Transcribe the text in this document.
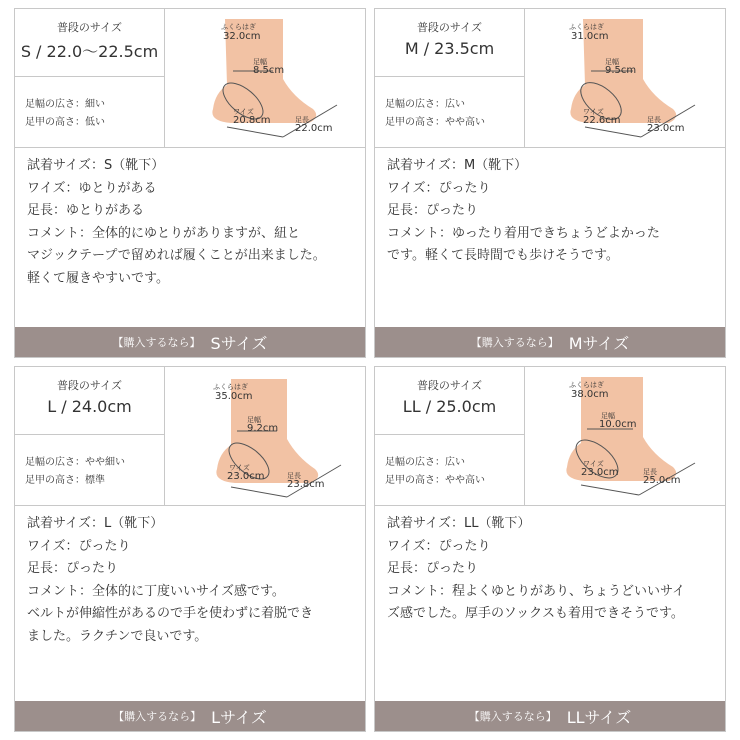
普段のサイズ
S / 22.0〜22.5cm
足幅の広さ：細い
足甲の高さ：低い
ふくらはぎ
32.0cm
足幅
8.5cm
ワイズ
20.8cm	足長
22.0cm
試着サイズ：S（靴下）
ワイズ：ゆとりがある
足長：ゆとりがある
コメント：全体的にゆとりがありますが、紐と
マジックテープで留めれば履くことが出来ました。
軽くて履きやすいです。
【購入するなら】 Sサイズ
普段のサイズ
M / 23.5cm
足幅の広さ：広い
足甲の高さ：やや高い
ふくらはぎ
31.0cm
足幅
9.5cm
ワイズ
22.6cm	足長
23.0cm
試着サイズ：M（靴下）
ワイズ：ぴったり
足長：ぴったり
コメント：ゆったり着用できちょうどよかった
です。軽くて長時間でも歩けそうです。
【購入するなら】 Mサイズ
普段のサイズ
L / 24.0cm
足幅の広さ：やや細い
足甲の高さ：標準
ふくらはぎ
35.0cm
足幅
9.2cm
ワイズ
23.0cm	足長
23.8cm
試着サイズ：L（靴下）
ワイズ：ぴったり
足長：ぴったり
コメント：全体的に丁度いいサイズ感です。
ベルトが伸縮性があるので手を使わずに着脱でき
ました。ラクチンで良いです。
【購入するなら】 Lサイズ
普段のサイズ
LL / 25.0cm
足幅の広さ：広い
足甲の高さ：やや高い
ふくらはぎ
38.0cm
足幅
10.0cm
ワイズ
23.0cm	足長
25.0cm
試着サイズ：LL（靴下）
ワイズ：ぴったり
足長：ぴったり
コメント：程よくゆとりがあり、ちょうどいいサイ
ズ感でした。厚手のソックスも着用できそうです。
【購入するなら】 LLサイズ
